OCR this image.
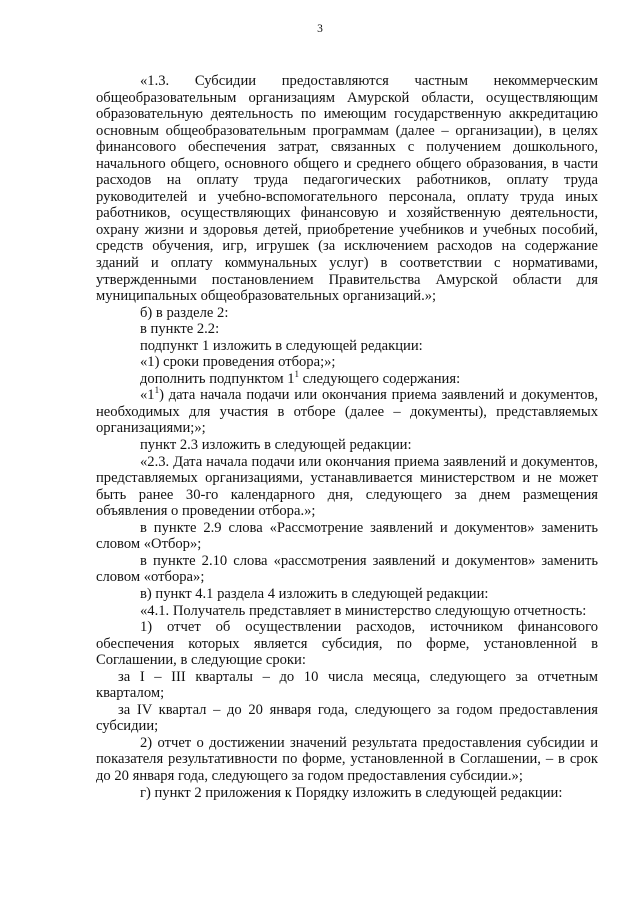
3

«1.3. Субсидии предоставляются частным некоммерческим

общеобразовательным организациям Амурской области, осуществляющим

образовательную деятельность по имеющим государственную аккредитацию

основным общеобразовательным программам (далее – организации), в целях

финансового обеспечения затрат, связанных с получением дошкольного,

начального общего, основного общего и среднего общего образования, в части

расходов на оплату труда педагогических работников, оплату труда

руководителей и учебно-вспомогательного персонала, оплату труда иных

работников, осуществляющих финансовую и хозяйственную деятельности,

охрану жизни и здоровья детей, приобретение учебников и учебных пособий,

средств обучения, игр, игрушек (за исключением расходов на содержание

зданий и оплату коммунальных услуг) в соответствии с нормативами,

утвержденными постановлением Правительства Амурской области для

муниципальных общеобразовательных организаций.»;

б) в разделе 2:

в пункте 2.2:

подпункт 1 изложить в следующей редакции:

«1) сроки проведения отбора;»;

дополнить подпунктом $1^1$ следующего содержания:

«$1^1$) дата начала подачи или окончания приема заявлений и документов,

необходимых для участия в отборе (далее – документы), представляемых

организациями;»;

пункт 2.3 изложить в следующей редакции:

«2.3. Дата начала подачи или окончания приема заявлений и документов,

представляемых организациями, устанавливается министерством и не может

быть ранее 30-го календарного дня, следующего за днем размещения

объявления о проведении отбора.»;

в пункте 2.9 слова «Рассмотрение заявлений и документов» заменить

словом «Отбор»;

в пункте 2.10 слова «рассмотрения заявлений и документов» заменить

словом «отбора»;

в) пункт 4.1 раздела 4 изложить в следующей редакции:

«4.1. Получатель представляет в министерство следующую отчетность:

1) отчет об осуществлении расходов, источником финансового

обеспечения которых является субсидия, по форме, установленной в

Соглашении, в следующие сроки:

за I – III кварталы – до 10 числа месяца, следующего за отчетным

кварталом;

за IV квартал – до 20 января года, следующего за годом предоставления

субсидии;

2) отчет о достижении значений результата предоставления субсидии и

показателя результативности по форме, установленной в Соглашении, – в срок

до 20 января года, следующего за годом предоставления субсидии.»;

г) пункт 2 приложения к Порядку изложить в следующей редакции:
